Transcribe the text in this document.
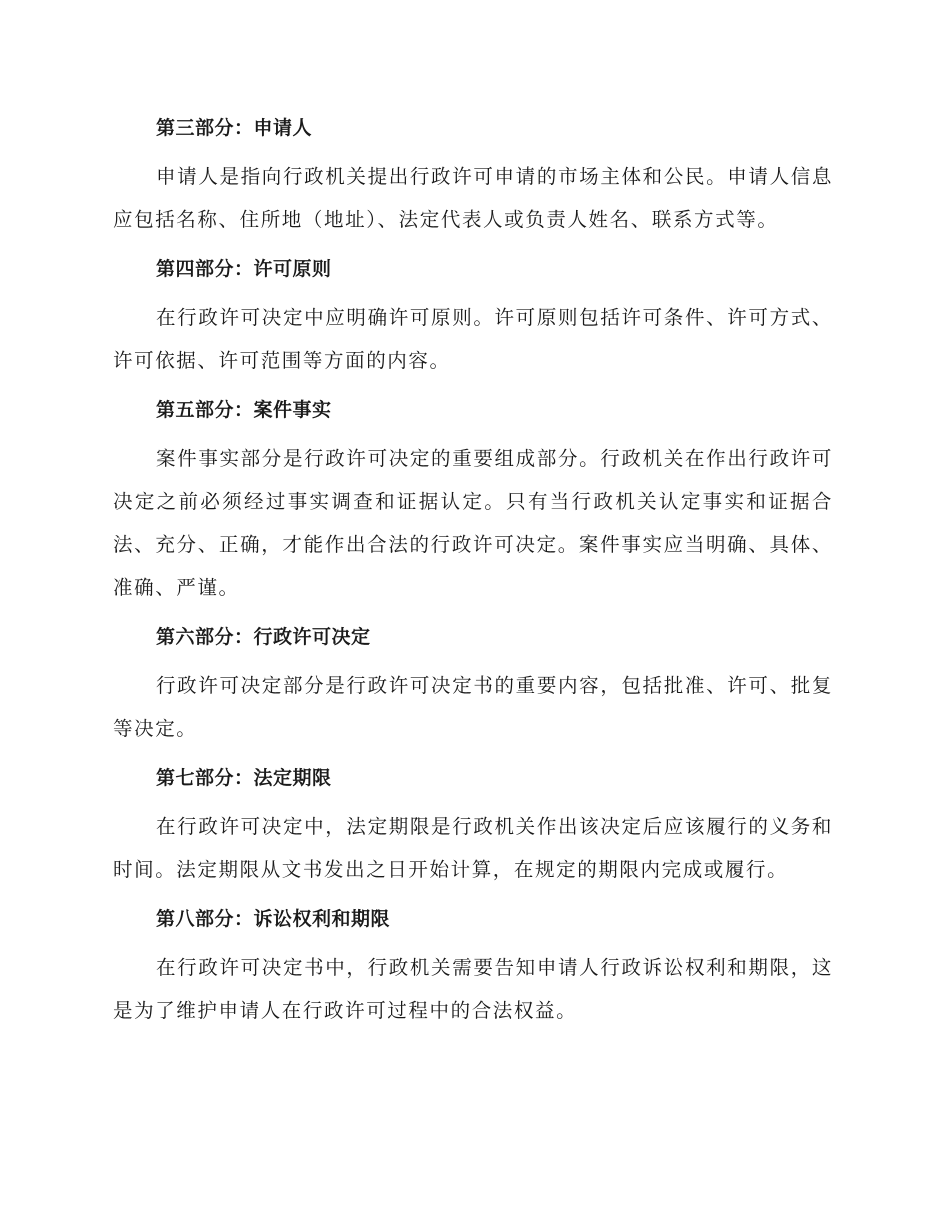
第三部分：申请人

申请人是指向行政机关提出行政许可申请的市场主体和公民。申请人信息应包括名称、住所地（地址）、法定代表人或负责人姓名、联系方式等。

第四部分：许可原则

在行政许可决定中应明确许可原则。许可原则包括许可条件、许可方式、许可依据、许可范围等方面的内容。

第五部分：案件事实

案件事实部分是行政许可决定的重要组成部分。行政机关在作出行政许可决定之前必须经过事实调查和证据认定。只有当行政机关认定事实和证据合法、充分、正确，才能作出合法的行政许可决定。案件事实应当明确、具体、准确、严谨。

第六部分：行政许可决定

行政许可决定部分是行政许可决定书的重要内容，包括批准、许可、批复等决定。

第七部分：法定期限

在行政许可决定中，法定期限是行政机关作出该决定后应该履行的义务和时间。法定期限从文书发出之日开始计算，在规定的期限内完成或履行。

第八部分：诉讼权利和期限

在行政许可决定书中，行政机关需要告知申请人行政诉讼权利和期限，这是为了维护申请人在行政许可过程中的合法权益。
